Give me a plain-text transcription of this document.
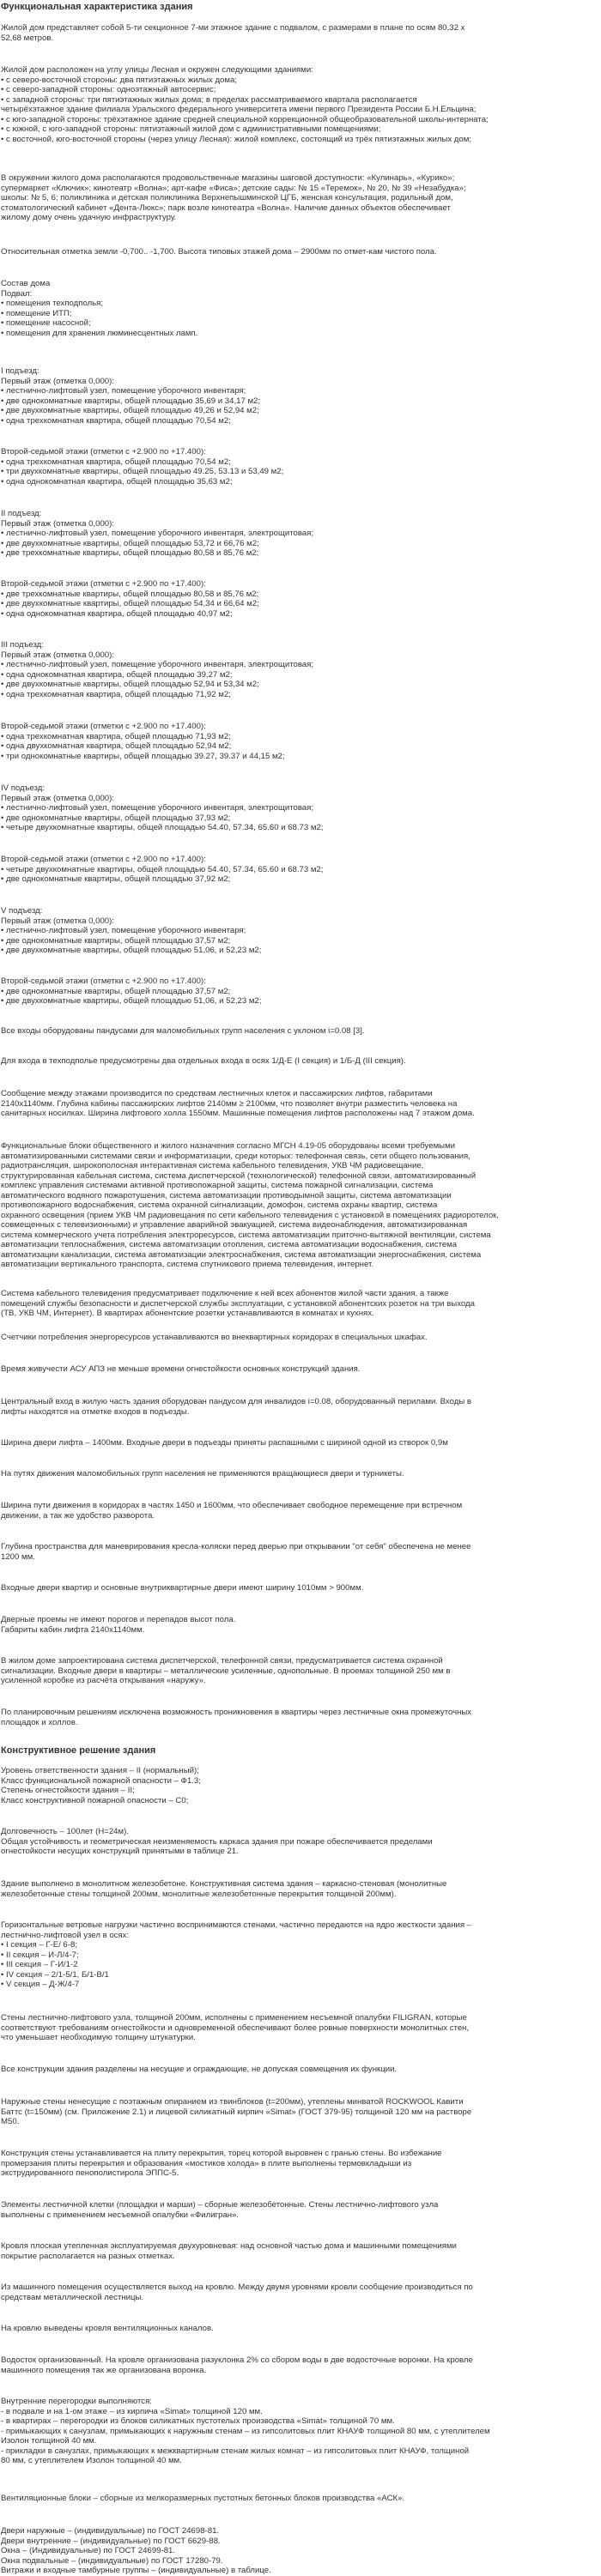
Функциональная характеристика здания

Жилой дом представляет собой 5-ти секционное 7-ми этажное здание с подвалом, с размерами в плане по осям 80,32 х
52,68 метров.

Жилой дом расположен на углу улицы Лесная и окружен следующими зданиями:
• с северо-восточной стороны: два пятиэтажных жилых дома;
• с северо-западной стороны: одноэтажный автосервис;
• с западной стороны: три пятиэтажных жилых дома; в пределах рассматриваемого квартала располагается
четырёхэтажное здание филиала Уральского федерального университета имени первого Президента России Б.Н.Ельцина;
• с юго-западной стороны: трёхэтажное здание средней специальной коррекционной общеобразовательной школы-интерната;
• с южной, с юго-западной стороны: пятиэтажный жилой дом с административными помещениями;
• с восточной, юго-восточной стороны (через улицу Лесная): жилой комплекс, состоящий из трёх пятиэтажных жилых дом;

В окружении жилого дома располагаются продовольственные магазины шаговой доступности: «Кулинарь», «Курико»;
супермаркет «Ключик»; кинотеатр «Волна»; арт-кафе «Фиса»; детские сады: № 15 «Теремок», № 20, № 39 «Незабудка»;
школы: № 5, 6; поликлиника и детская поликлиника Верхнепышминской ЦГБ, женская консультация, родильный дом,
стоматологический кабинет «Дента-Люкс»; парк возле кинотеатра «Волна». Наличие данных объектов обеспечивает
жилому дому очень удачную инфраструктуру.

Относительная отметка земли -0,700.. -1,700. Высота типовых этажей дома – 2900мм по отмет-кам чистого пола.

Состав дома
Подвал:
• помещения техподполья;
• помещение ИТП;
• помещение насосной;
• помещения для хранения люминесцентных ламп.

I подъезд:
Первый этаж (отметка 0,000):
• лестнично-лифтовый узел, помещение уборочного инвентаря;
• две однокомнатные квартиры, общей площадью 35,69 и 34,17 м2;
• две двухкомнатные квартиры, общей площадью 49,26 и 52,94 м2;
• одна трехкомнатная квартира, общей площадью 70,54 м2;

Второй-седьмой этажи (отметки с +2.900 по +17.400):
• одна трехкомнатная квартира, общей площадью 70,54 м2;
• три двухкомнатные квартиры, общей площадью 49.25, 53.13 и 53,49 м2;
• одна однокомнатная квартира, общей площадью 35,63 м2;

II подъезд:
Первый этаж (отметка 0,000):
• лестнично-лифтовый узел, помещение уборочного инвентаря, электрощитовая;
• две двухкомнатные квартиры, общей площадью 53,72 и 66,76 м2;
• две трехкомнатные квартиры, общей площадью 80,58 и 85,76 м2;

Второй-седьмой этажи (отметки с +2.900 по +17.400):
• две трехкомнатные квартиры, общей площадью 80,58 и 85,76 м2;
• две двухкомнатные квартиры, общей площадью 54,34 и 66,64 м2;
• одна однокомнатная квартира, общей площадью 40,97 м2;

III подъезд:
Первый этаж (отметка 0,000):
• лестнично-лифтовый узел, помещение уборочного инвентаря, электрощитовая;
• одна однокомнатная квартира, общей площадью 39,27 м2;
• две двухкомнатные квартиры, общей площадью 52,94 и 53,34 м2;
• одна трехкомнатная квартира, общей площадью 71,92 м2;

Второй-седьмой этажи (отметки с +2.900 по +17.400):
• одна трехкомнатная квартира, общей площадью 71,93 м2;
• одна двухкомнатная квартира, общей площадью 52,94 м2;
• три однокомнатные квартиры, общей площадью 39.27, 39.37 и 44,15 м2;

IV подъезд:
Первый этаж (отметка 0,000):
• лестнично-лифтовый узел, помещение уборочного инвентаря, электрощитовая;
• две однокомнатные квартиры, общей площадью 37,93 м2;
• четыре двухкомнатные квартиры, общей площадью 54.40, 57.34, 65.60 и 68.73 м2;

Второй-седьмой этажи (отметки с +2.900 по +17.400):
• четыре двухкомнатные квартиры, общей площадью 54.40, 57.34, 65.60 и 68.73 м2;
• две однокомнатные квартиры, общей площадью 37,92 м2;

V подъезд:
Первый этаж (отметка 0,000):
• лестнично-лифтовый узел, помещение уборочного инвентаря;
• две однокомнатные квартиры, общей площадью 37,57 м2;
• две двухкомнатные квартиры, общей площадью 51,06, и 52,23 м2;

Второй-седьмой этажи (отметки с +2.900 по +17.400):
• две однокомнатные квартиры, общей площадью 37,57 м2;
• две двухкомнатные квартиры, общей площадью 51,06, и 52,23 м2;

Все входы оборудованы пандусами для маломобильных групп населения с уклоном i=0.08 [3].

Для входа в техподполье предусмотрены два отдельных входа в осях 1/Д-Е (I секция) и 1/Б-Д (III секция).

Сообщение между этажами производится по средствам лестничных клеток и пассажирских лифтов, габаритами
2140х1140мм. Глубина кабины пассажирских лифтов 2140мм ≥ 2100мм, что позволяет внутри разместить человека на
санитарных носилках. Ширина лифтового холла 1550мм. Машинные помещения лифтов расположены над 7 этажом дома.

Функциональные блоки общественного и жилого назначения согласно МГСН 4.19-05 оборудованы всеми требуемыми
автоматизированными системами связи и информатизации, среди которых: телефонная связь, сети общего пользования,
радиотрансляция, широкополосная интерактивная система кабельного телевидения, УКВ ЧМ радиовещание,
структурированная кабельная система, система диспетчерской (технологической) телефонной связи, автоматизированный
комплекс управления системами активной противопожарной защиты, система пожарной сигнализации, система
автоматического водяного пожаротушения, система автоматизации противодымной защиты, система автоматизации
противопожарного водоснабжения, система охранной сигнализации, домофон, система охраны квартир, система
охранного освещения (прием УКВ ЧМ радиовещания по сети кабельного телевидения с установкой в помещениях радиоротелок,
совмещенных с телевизионными) и управление аварийной эвакуацией, система видеонаблюдения, автоматизированная
система коммерческого учета потребления электроресурсов, система автоматизации приточно-вытяжной вентиляции, система
автоматизации теплоснабжения, система автоматизации отопления, система автоматизации водоснабжения, система
автоматизации канализации, система автоматизации электроснабжения, система автоматизации энергоснабжения, система
автоматизации вертикального транспорта, система спутникового приема телевидения, интернет.

Система кабельного телевидения предусматривает подключение к ней всех абонентов жилой части здания, а также
помещений службы безопасности и диспетчерской службы эксплуатации, с установкой абонентских розеток на три выхода
(ТВ, УКВ ЧМ, Интернет). В квартирах абонентские розетки устанавливаются в комнатах и кухнях.

Счетчики потребления энергоресурсов устанавливаются во внеквартирных коридорах в специальных шкафах.

Время живучести АСУ АПЗ не меньше времени огнестойкости основных конструкций здания.

Центральный вход в жилую часть здания оборудован пандусом для инвалидов i=0.08, оборудованный перилами. Входы в
лифты находятся на отметке входов в подъезды.

Ширина двери лифта – 1400мм. Входные двери в подъезды приняты распашными с шириной одной из створок 0,9м

На путях движения маломобильных групп населения не применяются вращающиеся двери и турникеты.

Ширина пути движения в коридорах в частях 1450 и 1600мм, что обеспечивает свободное перемещение при встречном
движении, а так же удобство разворота.

Глубина пространства для маневрирования кресла-коляски перед дверью при открывании "от себя" обеспечена не менее
1200 мм.

Входные двери квартир и основные внутриквартирные двери имеют ширину 1010мм > 900мм.

Дверные проемы не имеют порогов и перепадов высот пола.
Габариты кабин лифта 2140х1140мм.

В жилом доме запроектирована система диспетчерской, телефонной связи, предусматривается система охранной
сигнализации. Входные двери в квартиры – металлические усиленные, однопольные. В проемах толщиной 250 мм в
усиленной коробке из расчёта открывания «наружу».

По планировочным решениям исключена возможность проникновения в квартиры через лестничные окна промежуточных
площадок и холлов.

Конструктивное решение здания

Уровень ответственности здания – II (нормальный);
Класс функциональной пожарной опасности – Ф1.3;
Степень огнестойкости здания – II;
Класс конструктивной пожарной опасности – С0;

Долговечность – 100лет (Н=24м).
Общая устойчивость и геометрическая неизменяемость каркаса здания при пожаре обеспечивается пределами
огнестойкости несущих конструкций принятыми в таблице 21.

Здание выполнено в монолитном железобетоне. Конструктивная система здания – каркасно-стеновая (монолитные
железобетонные стены толщиной 200мм, монолитные железобетонные перекрытия толщиной 200мм).

Горизонтальные ветровые нагрузки частично воспринимаются стенами, частично передаются на ядро жесткости здания –
лестнично-лифтовой узел в осях:
• I секция – Г-Е/ 6-8;
• II секция – И-Л/4-7;
• III секция – Г-И/1-2
• IV секция – 2/1-5/1, Б/1-В/1
• V секция – Д-Ж/4-7

Стены лестнично-лифтового узла, толщиной 200мм, исполнены с применением несъемной опалубки FILIGRAN, которые
соответствуют требованиям огнестойкости и одновременной обеспечивают более ровные поверхности монолитных стен,
что уменьшает необходимую толщину штукатурки.

Все конструкции здания разделены на несущие и ограждающие, не допуская совмещения их функции.

Наружные стены ненесущие с поэтажным опиранием из твинблоков (t=200мм), утеплены минватой ROCKWOOL Кавити
Баттс (t=150мм) (см. Приложение 2.1) и лицевой силикатный кирпич «Simat» (ГОСТ 379-95) толщиной 120 мм на растворе
М50.

Конструкция стены устанавливается на плиту перекрытия, торец которой выровнен с гранью стены. Во избежание
промерзания плиты перекрытия и образования «мостиков холода» в плите выполнены термовкладыши из
экструдированного пенополистирола ЭППС-5.

Элементы лестничной клетки (площадки и марши) – сборные железобетонные. Стены лестнично-лифтового узла
выполнены с применением несъемной опалубки «Филигран».

Кровля плоская утепленная эксплуатируемая двухуровневая: над основной частью дома и машинными помещениями
покрытие располагается на разных отметках.

Из машинного помещения осуществляется выход на кровлю. Между двумя уровнями кровли сообщение производиться по
средствам металлической лестницы.

На кровлю выведены кровля вентиляционных каналов.

Водосток организованный. На кровле организована разуклонка 2% со сбором воды в две водосточные воронки. На кровле
машинного помещения так же организована воронка.

Внутренние перегородки выполняются:
- в подвале и на 1-ом этаже – из кирпича «Simat» толщиной 120 мм.
- в квартирах – перегородки из блоков силикатных пустотелых производства «Simat» толщиной 70 мм.
- примыкающих к санузлам, примыкающих к наружным стенам – из гипсолитовых плит КНАУФ толщиной 80 мм, с утеплителем
Изолон толщиной 40 мм.
- прикладки в санузлах, примыкающих к межквартирным стенам жилых комнат – из гипсолитовых плит КНАУФ, толщиной
80 мм, с утеплителем Изолон толщиной 40 мм.

Вентиляционные блоки – сборные из мелкоразмерных пустотных бетонных блоков производства «АСК».

Двери наружные – (индивидуальные) по ГОСТ 24698-81.
Двери внутренние – (индивидуальные) по ГОСТ 6629-88.
Окна – (Индивидуальные) по ГОСТ 24699-81.
Окна подвальные – (индивидуальные) по ГОСТ 17280-79.
Витражи и входные тамбурные группы – (индивидуальные) в таблице.
